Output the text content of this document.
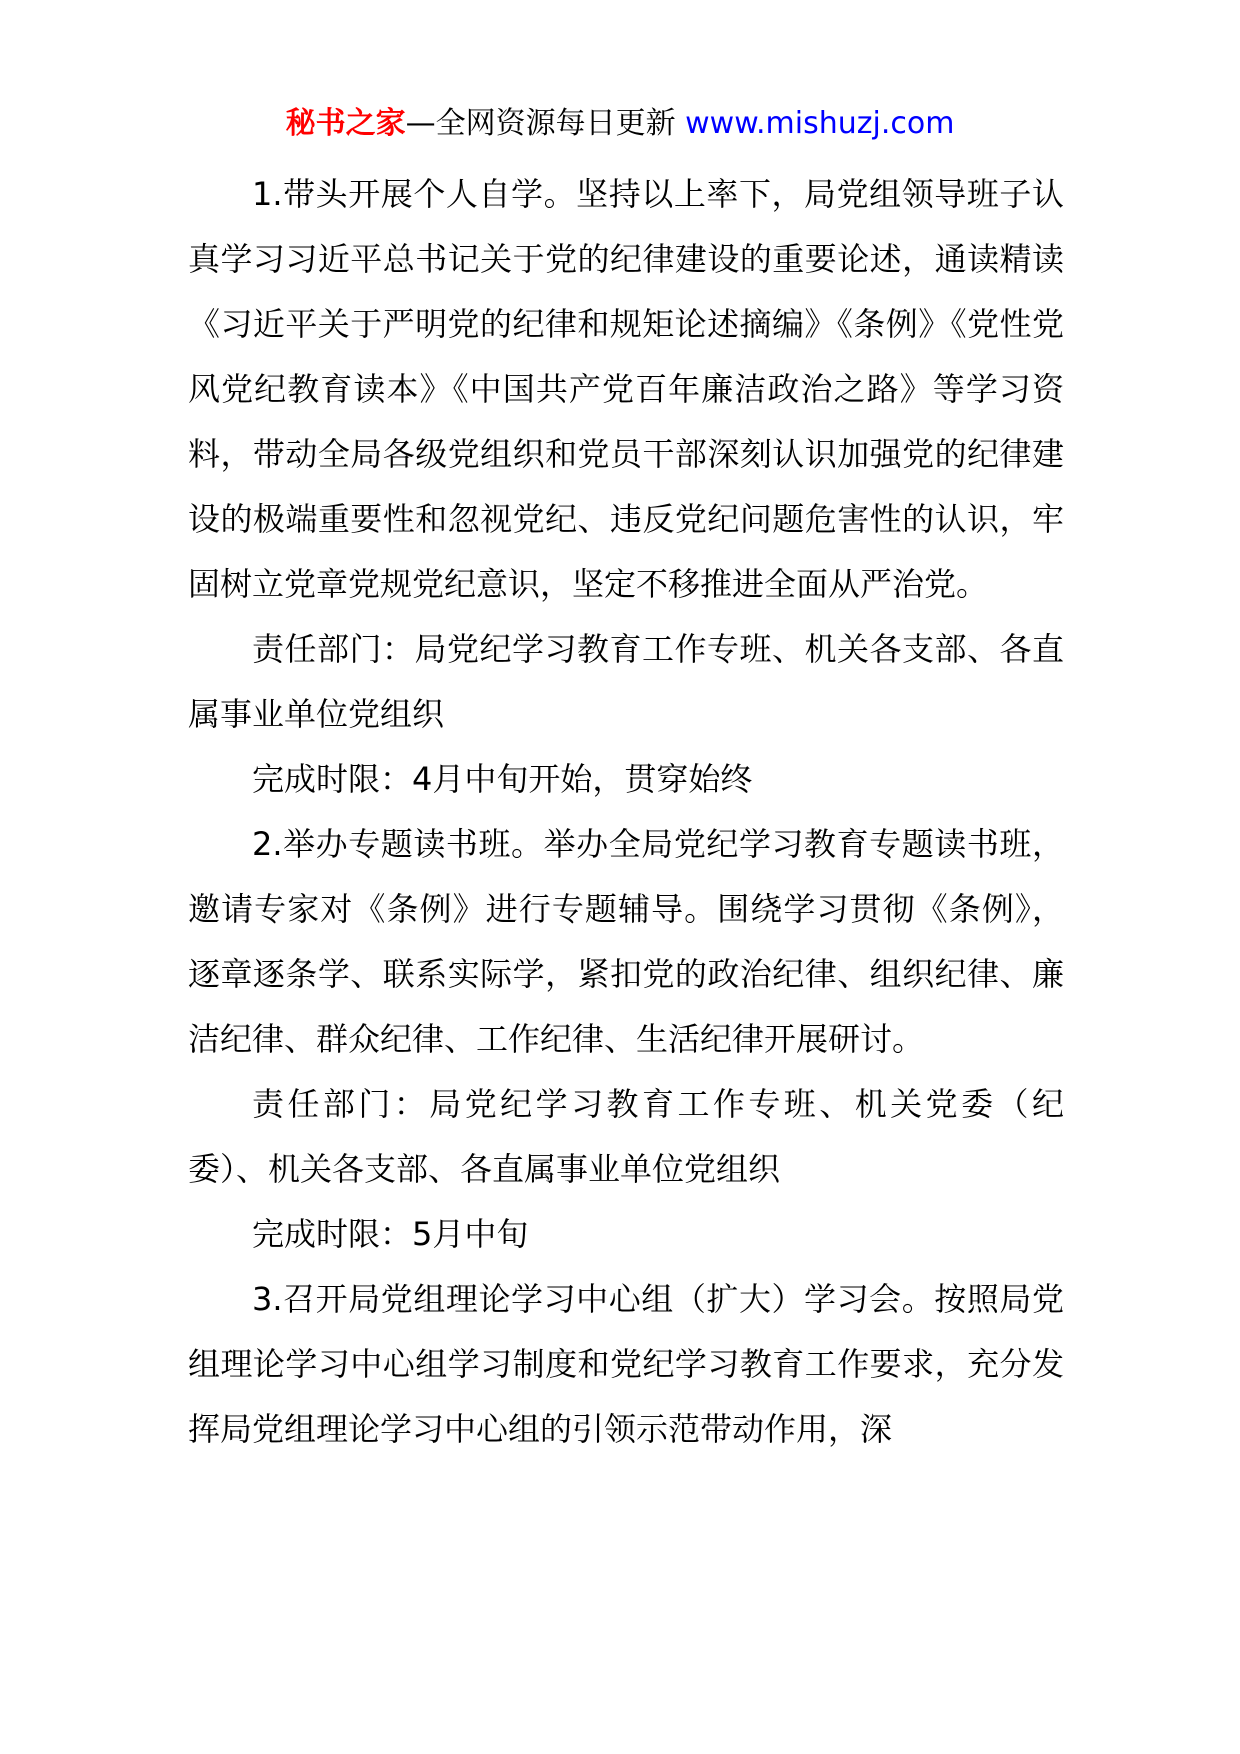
秘书之家—全网资源每日更新 www.mishuzj.com

1.带头开展个人自学。坚持以上率下，局党组领导班子认真学习习近平总书记关于党的纪律建设的重要论述，通读精读《习近平关于严明党的纪律和规矩论述摘编》《条例》《党性党风党纪教育读本》《中国共产党百年廉洁政治之路》等学习资料，带动全局各级党组织和党员干部深刻认识加强党的纪律建设的极端重要性和忽视党纪、违反党纪问题危害性的认识，牢固树立党章党规党纪意识，坚定不移推进全面从严治党。

责任部门：局党纪学习教育工作专班、机关各支部、各直属事业单位党组织

完成时限：4月中旬开始，贯穿始终

2.举办专题读书班。举办全局党纪学习教育专题读书班，邀请专家对《条例》进行专题辅导。围绕学习贯彻《条例》，逐章逐条学、联系实际学，紧扣党的政治纪律、组织纪律、廉洁纪律、群众纪律、工作纪律、生活纪律开展研讨。

责任部门：局党纪学习教育工作专班、机关党委（纪委）、机关各支部、各直属事业单位党组织

完成时限：5月中旬

3.召开局党组理论学习中心组（扩大）学习会。按照局党组理论学习中心组学习制度和党纪学习教育工作要求，充分发挥局党组理论学习中心组的引领示范带动作用，深
